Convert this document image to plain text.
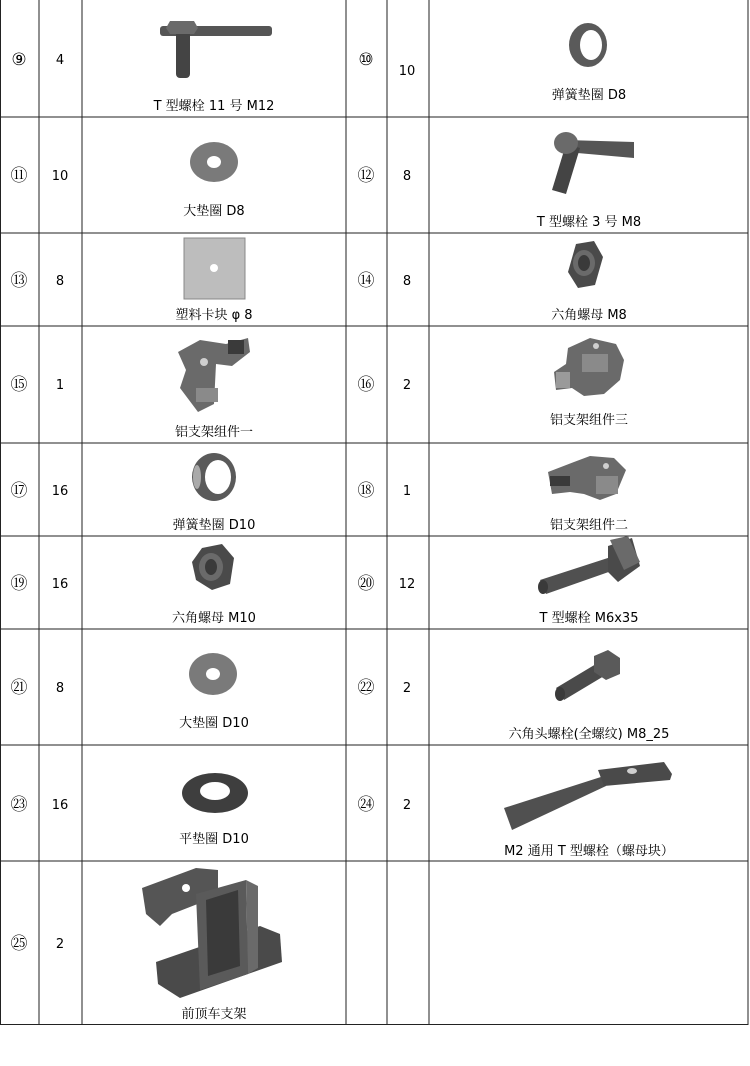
⑨ 4
T 型螺栓 11 号 M12
⑩
10
弹簧垫圈 D8
⑪ 10
大垫圈 D8
⑫ 8
T 型螺栓 3 号 M8
⑬ 8
塑料卡块 φ 8
⑭ 8
六角螺母 M8
⑮ 1
铝支架组件一
⑯ 2
铝支架组件三
⑰ 16
弹簧垫圈 D10
⑱ 1
铝支架组件二
⑲ 16
六角螺母 M10
⑳ 12
T 型螺栓 M6x35
㉑ 8
大垫圈 D10
㉒ 2
六角头螺栓(全螺纹) M8_25
㉓ 16
平垫圈 D10
㉔ 2
M2 通用 T 型螺栓（螺母块）
㉕ 2
前顶车支架
